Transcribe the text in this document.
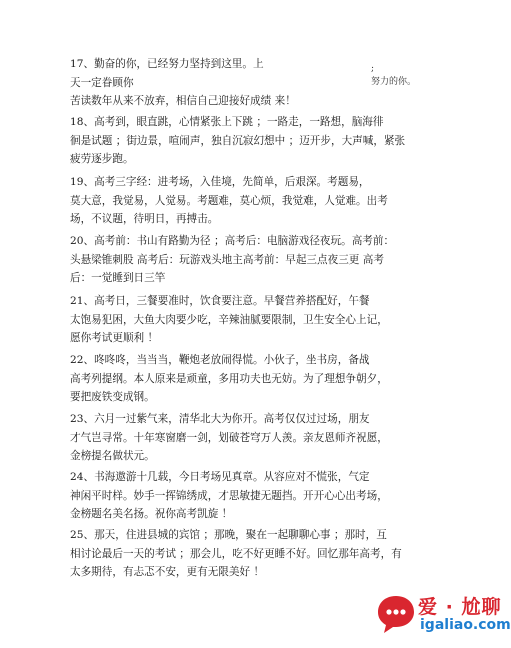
;
努力的你。
17、勤奋的你，已经努力坚持到这里。上
天一定眷顾你
苦读数年从来不放弃，相信自己迎接好成绩 来！
18、高考到，眼直跳，心情紧张上下跳 ；一路走，一路想，脑海徘
徊是试题 ；街边景，喧闹声，独自沉寂幻想中 ；迈开步，大声喊，紧张
疲劳逐步跑。
19、高考三字经：进考场，入佳境，先简单，后艰深。考题易，
莫大意，我觉易，人觉易。考题难，莫心烦，我觉难，人觉难。出考
场，不议题，待明日，再搏击。
20、高考前：书山有路勤为径 ；高考后：电脑游戏径夜玩。高考前：
头悬梁锥刺股 高考后：玩游戏头地主高考前：早起三点夜三更 高考
后：一觉睡到日三竿
21、高考日，三餐要准时，饮食要注意。早餐营养搭配好，午餐
太饱易犯困，大鱼大肉要少吃，辛辣油腻要限制，卫生安全心上记，
愿你考试更顺利 ！
22、咚咚咚，当当当，鞭炮老放闹得慌。小伙子，坐书房，备战
高考列提纲。本人原来是顽童，多用功夫也无妨。为了理想争朝夕，
要把废铁变成钢。
23、六月一过紫气来，清华北大为你开。高考仅仅过过场，朋友
才气岂寻常。十年寒窗磨一剑，划破苍穹万人羡。亲友恩师齐祝愿，
金榜提名做状元。
24、书海遨游十几载，今日考场见真章。从容应对不慌张，气定
神闲平时样。妙手一挥锦绣成，才思敏捷无题挡。开开心心出考场，
金榜题名美名扬。祝你高考凯旋 ！
25、那天，住进县城的宾馆 ；那晚，聚在一起聊聊心事 ；那时，互
相讨论最后一天的考试 ；那会儿，吃不好更睡不好。回忆那年高考，有
太多期待，有忐忑不安，更有无限美好 ！
爱 · 尬聊
igaliao.com
